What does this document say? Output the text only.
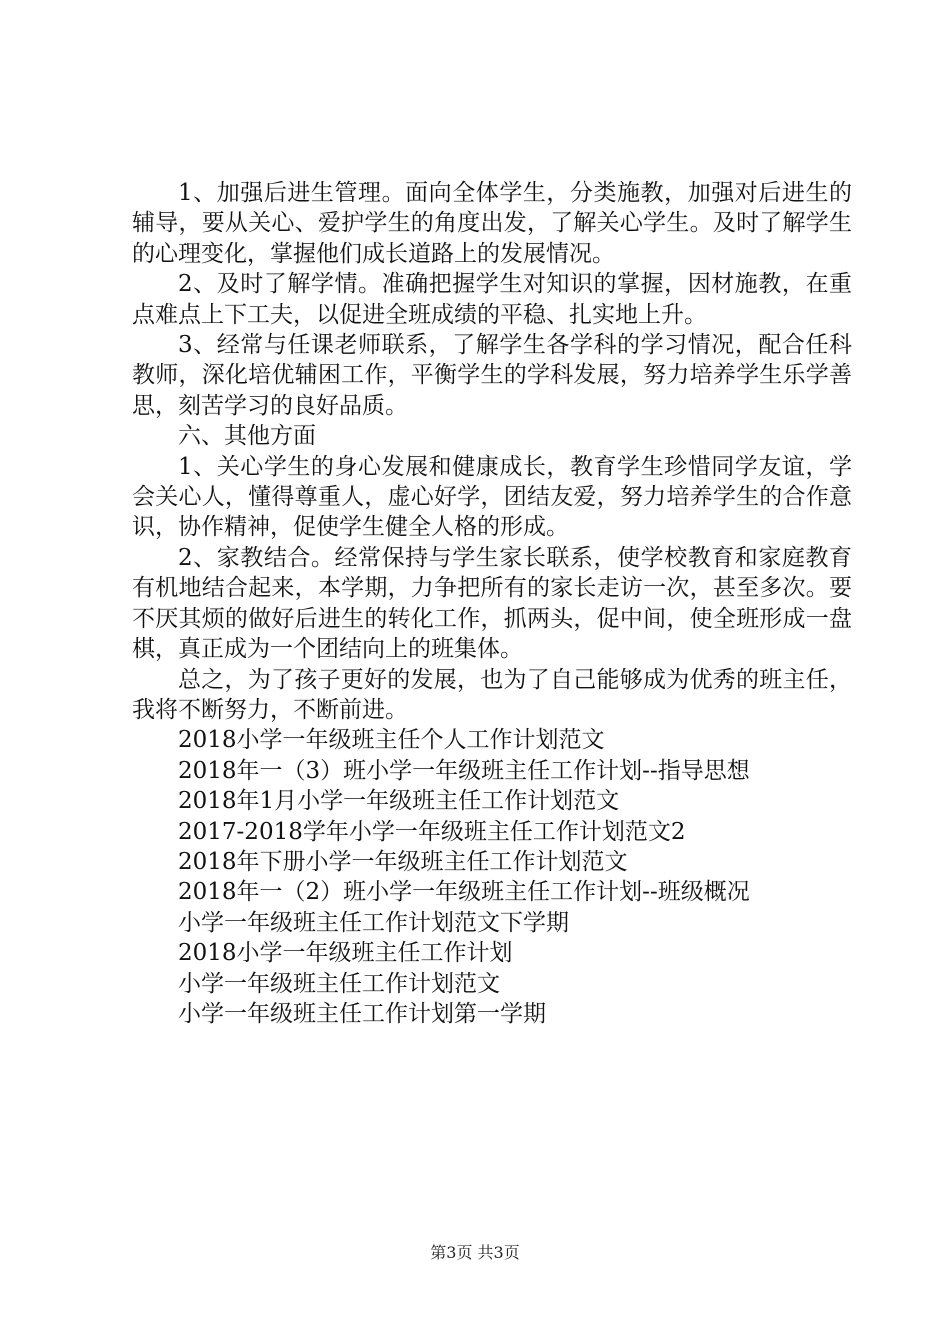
1、加强后进生管理。面向全体学生，分类施教，加强对后进生的辅导，要从关心、爱护学生的角度出发，了解关心学生。及时了解学生的心理变化，掌握他们成长道路上的发展情况。

2、及时了解学情。准确把握学生对知识的掌握，因材施教，在重点难点上下工夫，以促进全班成绩的平稳、扎实地上升。

3、经常与任课老师联系，了解学生各学科的学习情况，配合任科教师，深化培优辅困工作，平衡学生的学科发展，努力培养学生乐学善思，刻苦学习的良好品质。

六、其他方面

1、关心学生的身心发展和健康成长，教育学生珍惜同学友谊，学会关心人，懂得尊重人，虚心好学，团结友爱，努力培养学生的合作意识，协作精神，促使学生健全人格的形成。

2、家教结合。经常保持与学生家长联系，使学校教育和家庭教育有机地结合起来，本学期，力争把所有的家长走访一次，甚至多次。要不厌其烦的做好后进生的转化工作，抓两头，促中间，使全班形成一盘棋，真正成为一个团结向上的班集体。

总之，为了孩子更好的发展，也为了自己能够成为优秀的班主任，我将不断努力，不断前进。

2018小学一年级班主任个人工作计划范文

2018年一（3）班小学一年级班主任工作计划--指导思想

2018年1月小学一年级班主任工作计划范文

2017-2018学年小学一年级班主任工作计划范文2

2018年下册小学一年级班主任工作计划范文

2018年一（2）班小学一年级班主任工作计划--班级概况

小学一年级班主任工作计划范文下学期

2018小学一年级班主任工作计划

小学一年级班主任工作计划范文

小学一年级班主任工作计划第一学期

第3页 共3页
